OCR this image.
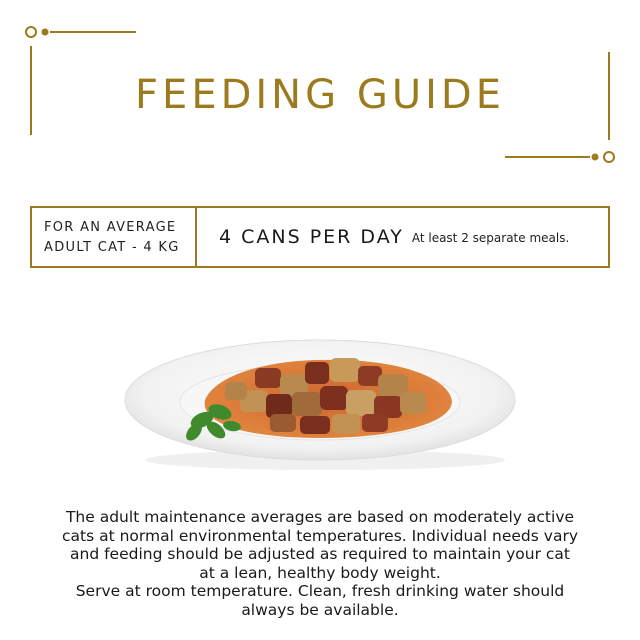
FEEDING GUIDE
FOR AN AVERAGE
ADULT CAT - 4 KG	4 CANS PER DAY At least 2 separate meals.

The adult maintenance averages are based on moderately active cats at normal environmental temperatures. Individual needs vary and feeding should be adjusted as required to maintain your cat at a lean, healthy body weight.

Serve at room temperature. Clean, fresh drinking water should always be available.
